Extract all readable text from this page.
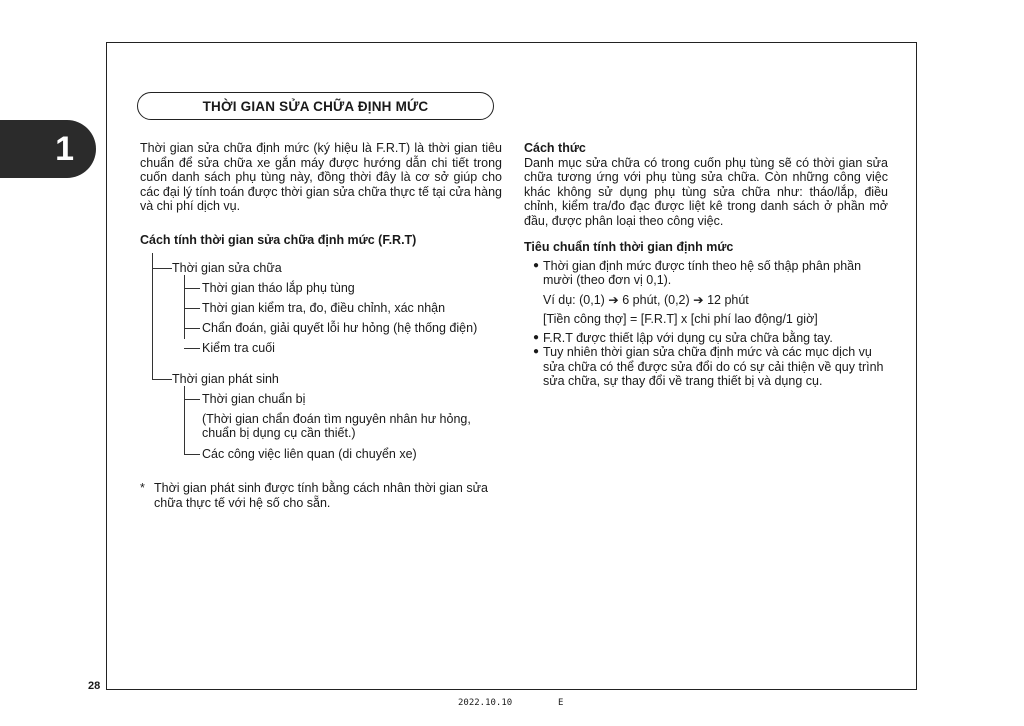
1
THỜI GIAN SỬA CHỮA ĐỊNH MỨC

Thời gian sửa chữa định mức (ký hiệu là F.R.T) là thời gian tiêu chuẩn để sửa chữa xe gắn máy được hướng dẫn chi tiết trong cuốn danh sách phụ tùng này, đồng thời đây là cơ sở giúp cho các đại lý tính toán được thời gian sửa chữa thực tế tại cửa hàng và chi phí dịch vụ.

Cách tính thời gian sửa chữa định mức (F.R.T)

Thời gian sửa chữa
Thời gian tháo lắp phụ tùng
Thời gian kiểm tra, đo, điều chỉnh, xác nhận
Chẩn đoán, giải quyết lỗi hư hỏng (hệ thống điện)
Kiểm tra cuối
Thời gian phát sinh
Thời gian chuẩn bị
(Thời gian chẩn đoán tìm nguyên nhân hư hỏng,
chuẩn bị dụng cụ cần thiết.)
Các công việc liên quan (di chuyển xe)
* Thời gian phát sinh được tính bằng cách nhân thời gian sửa chữa thực tế với hệ số cho sẵn.

Cách thức

Danh mục sửa chữa có trong cuốn phụ tùng sẽ có thời gian sửa chữa tương ứng với phụ tùng sửa chữa. Còn những công việc khác không sử dụng phụ tùng sửa chữa như: tháo/lắp, điều chỉnh, kiểm tra/đo đạc được liệt kê trong danh sách ở phần mở đầu, được phân loại theo công việc.

Tiêu chuẩn tính thời gian định mức

● Thời gian định mức được tính theo hệ số thập phân phần mười (theo đơn vị 0,1).
Ví dụ: (0,1) ➔ 6 phút, (0,2) ➔ 12 phút
[Tiền công thợ] = [F.R.T] x [chi phí lao động/1 giờ]
● F.R.T được thiết lập với dụng cụ sửa chữa bằng tay.
● Tuy nhiên thời gian sửa chữa định mức và các mục dịch vụ sửa chữa có thể được sửa đổi do có sự cải thiện về quy trình sửa chữa, sự thay đổi về trang thiết bị và dụng cụ.
28
2022.10.10	E
